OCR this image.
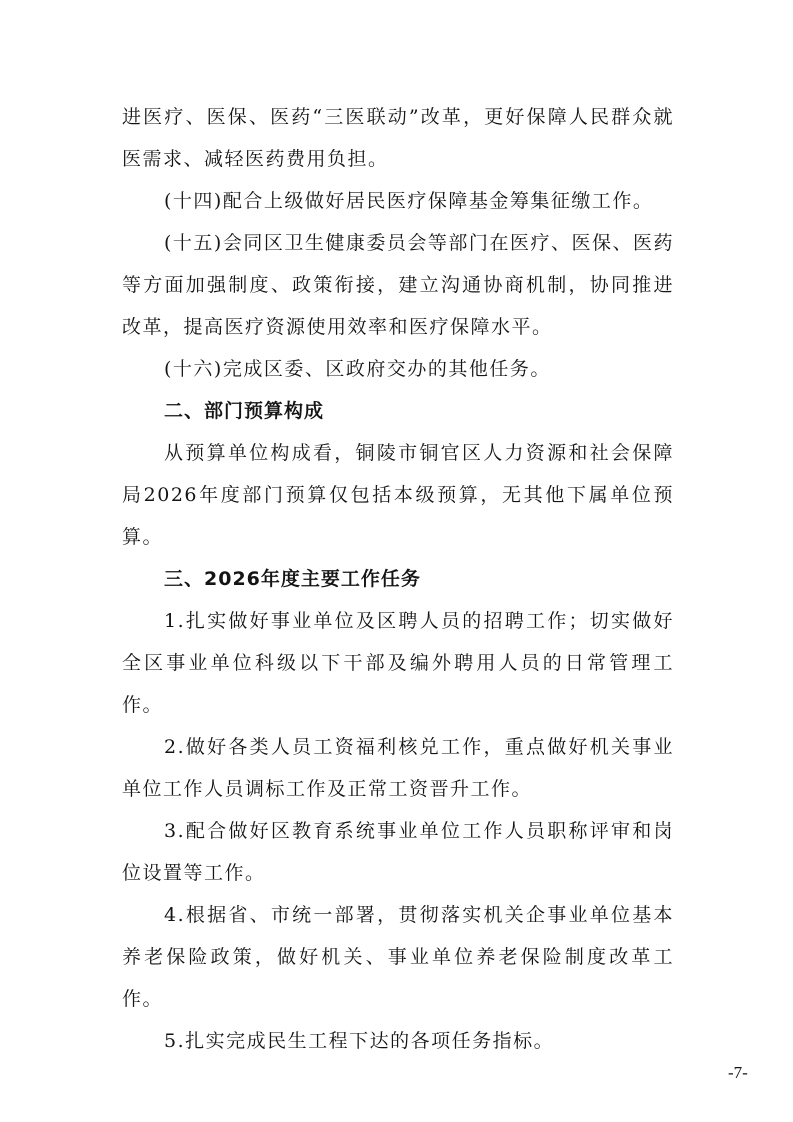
进医疗、医保、医药“三医联动”改革，更好保障人民群众就医需求、减轻医药费用负担。

(十四)配合上级做好居民医疗保障基金筹集征缴工作。

(十五)会同区卫生健康委员会等部门在医疗、医保、医药等方面加强制度、政策衔接，建立沟通协商机制，协同推进改革，提高医疗资源使用效率和医疗保障水平。

(十六)完成区委、区政府交办的其他任务。

二、部门预算构成

从预算单位构成看，铜陵市铜官区人力资源和社会保障局2026年度部门预算仅包括本级预算，无其他下属单位预算。

三、2026年度主要工作任务

1.扎实做好事业单位及区聘人员的招聘工作；切实做好全区事业单位科级以下干部及编外聘用人员的日常管理工作。

2.做好各类人员工资福利核兑工作，重点做好机关事业单位工作人员调标工作及正常工资晋升工作。

3.配合做好区教育系统事业单位工作人员职称评审和岗位设置等工作。

4.根据省、市统一部署，贯彻落实机关企事业单位基本养老保险政策，做好机关、事业单位养老保险制度改革工作。

5.扎实完成民生工程下达的各项任务指标。

-7-
